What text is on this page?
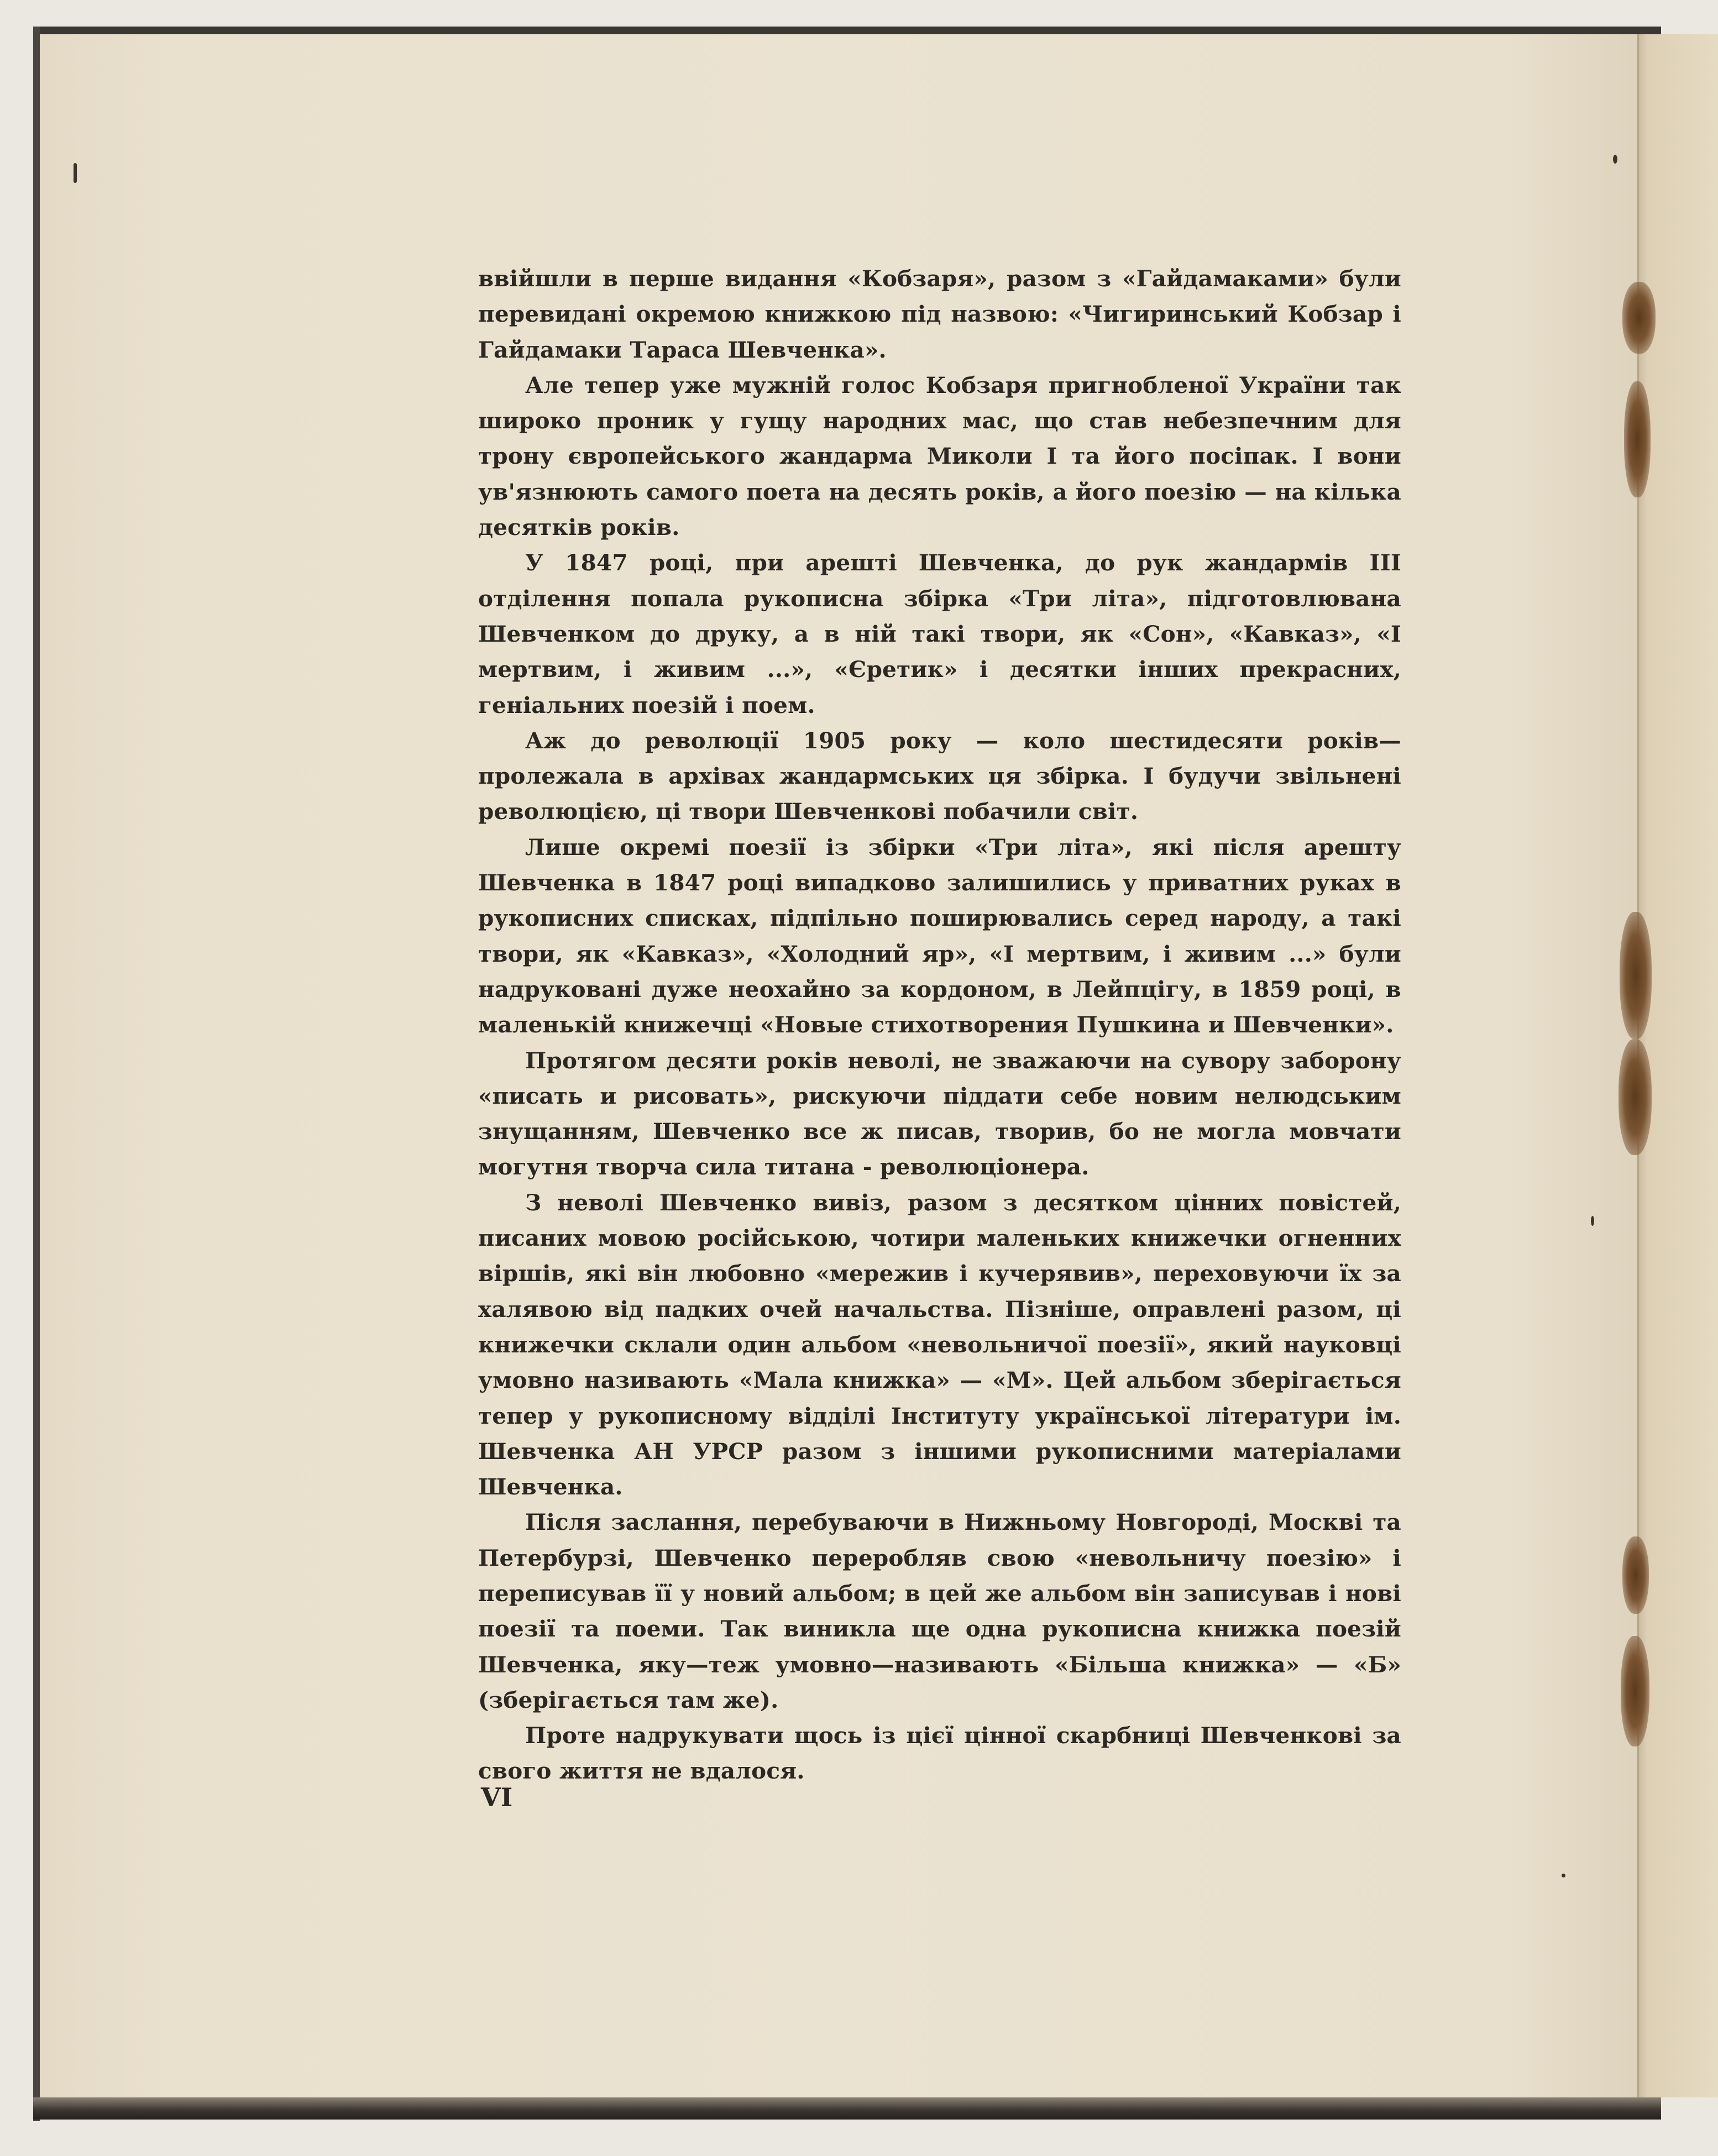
ввійшли в перше видання «Кобзаря», разом з «Гайдамаками» були перевидані окремою книжкою під назвою: «Чигиринський Кобзар і Гайдамаки Тараса Шевченка».

Але тепер уже мужній голос Кобзаря пригнобленої України так широко проник у гущу народних мас, що став небезпечним для трону європейського жандарма Миколи I та його посіпак. І вони ув'язнюють самого поета на десять років, а його поезію — на кілька десятків років.

У 1847 році, при арешті Шевченка, до рук жандармів III отділення попала рукописна збірка «Три літа», підготовлювана Шевченком до друку, а в ній такі твори, як «Сон», «Кавказ», «І мертвим, і живим ...», «Єретик» і десятки інших прекрасних, геніальних поезій і поем.

Аж до революції 1905 року — коло шестидесяти років—пролежала в архівах жандармських ця збірка. І будучи звільнені революцією, ці твори Шевченкові побачили світ.

Лише окремі поезії із збірки «Три літа», які після арешту Шевченка в 1847 році випадково залишились у приватних руках в рукописних списках, підпільно поширювались серед народу, а такі твори, як «Кавказ», «Холодний яр», «І мертвим, і живим ...» були надруковані дуже неохайно за кордоном, в Лейпцігу, в 1859 році, в маленькій книжечці «Новые стихотворения Пушкина и Шевченки».

Протягом десяти років неволі, не зважаючи на сувору заборону «писать и рисовать», рискуючи піддати себе новим нелюдським знущанням, Шевченко все ж писав, творив, бо не могла мовчати могутня творча сила титана - революціонера.

З неволі Шевченко вивіз, разом з десятком цінних повістей, писаних мовою російською, чотири маленьких книжечки огненних віршів, які він любовно «мережив і кучерявив», переховуючи їх за халявою від падких очей начальства. Пізніше, оправлені разом, ці книжечки склали один альбом «невольничої поезії», який науковці умовно називають «Мала книжка» — «М». Цей альбом зберігається тепер у рукописному відділі Інституту української літератури ім. Шевченка АН УРСР разом з іншими рукописними матеріалами Шевченка.

Після заслання, перебуваючи в Нижньому Новгороді, Москві та Петербурзі, Шевченко переробляв свою «невольничу поезію» і переписував її у новий альбом; в цей же альбом він записував і нові поезії та поеми. Так виникла ще одна рукописна книжка поезій Шевченка, яку—теж умовно—називають «Більша книжка» — «Б» (зберігається там же).

Проте надрукувати щось із цієї цінної скарбниці Шевченкові за свого життя не вдалося.

VI
